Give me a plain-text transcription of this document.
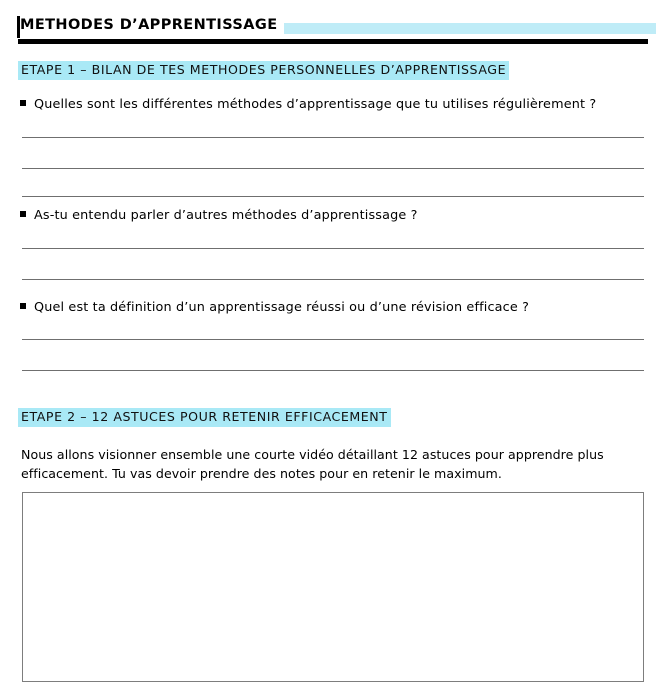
METHODES D’APPRENTISSAGE
ETAPE 1 – BILAN DE TES METHODES PERSONNELLES D’APPRENTISSAGE

Quelles sont les différentes méthodes d’apprentissage que tu utilises régulièrement ?

As-tu entendu parler d’autres méthodes d’apprentissage ?

Quel est ta définition d’un apprentissage réussi ou d’une révision efficace ?

ETAPE 2 – 12 ASTUCES POUR RETENIR EFFICACEMENT

Nous allons visionner ensemble une courte vidéo détaillant 12 astuces pour apprendre plus efficacement. Tu vas devoir prendre des notes pour en retenir le maximum.
